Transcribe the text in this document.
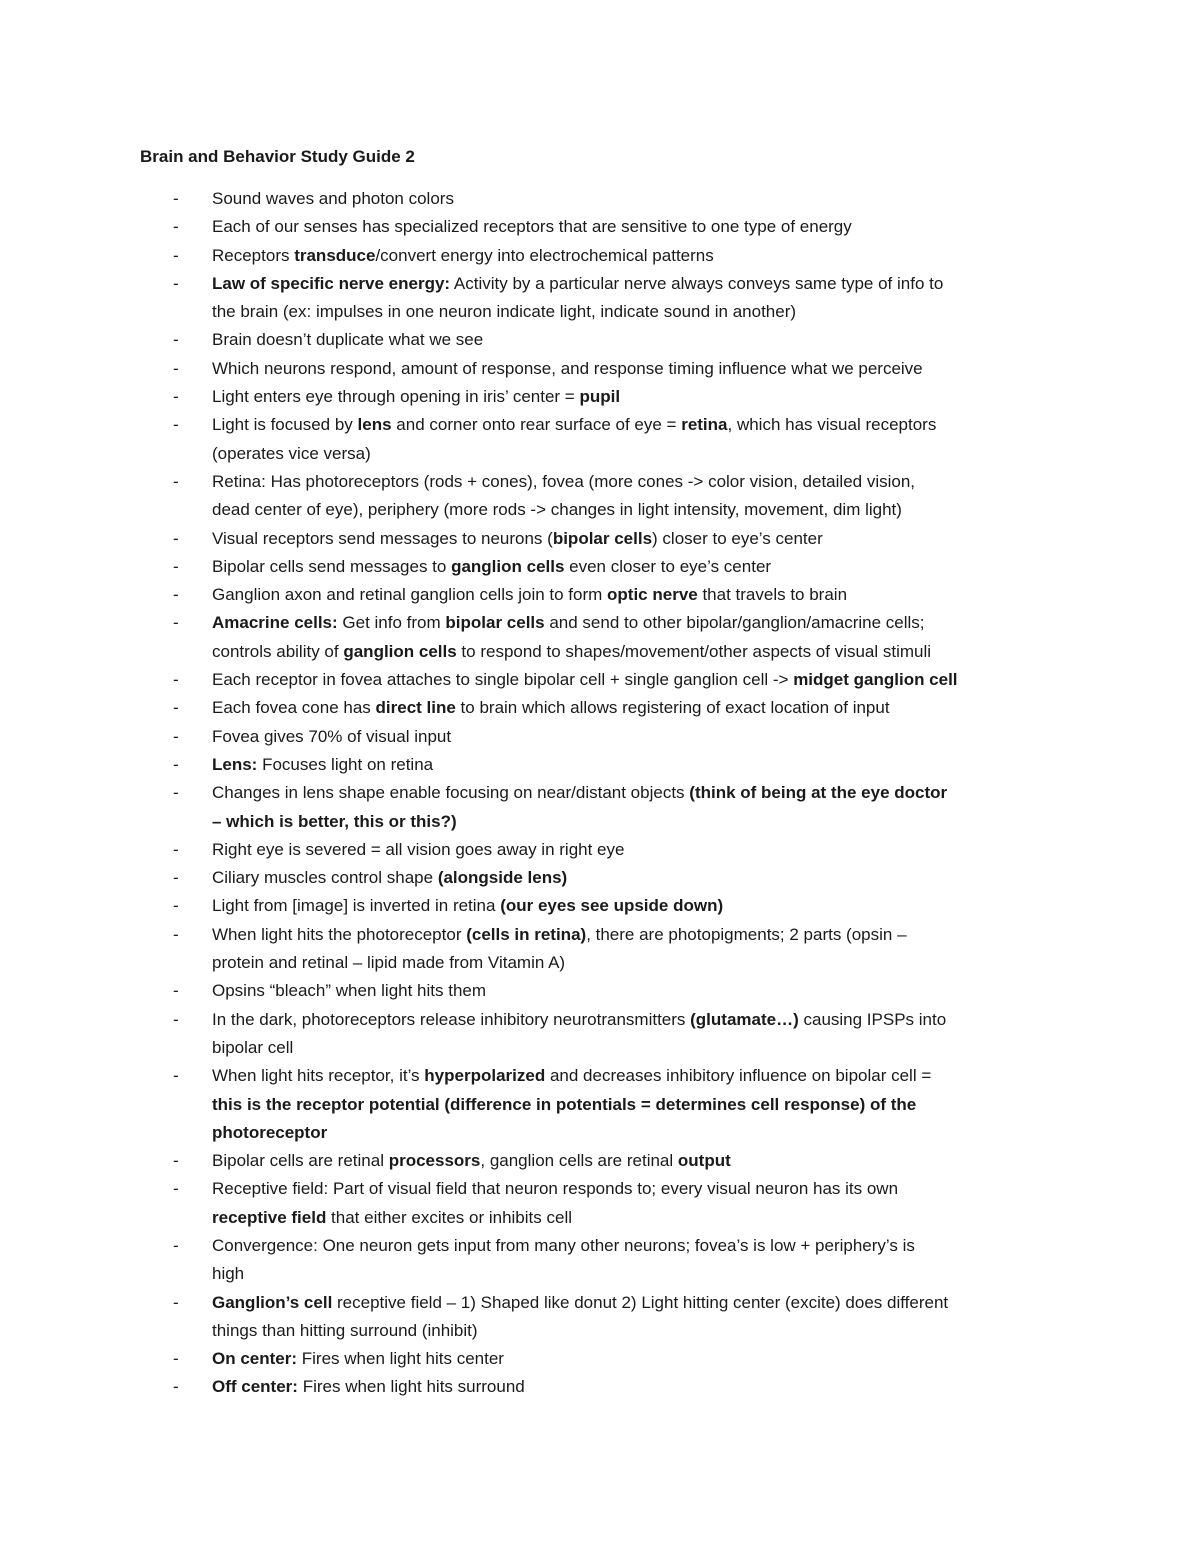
Brain and Behavior Study Guide 2
- Sound waves and photon colors
- Each of our senses has specialized receptors that are sensitive to one type of energy
- Receptors transduce/convert energy into electrochemical patterns
- Law of specific nerve energy: Activity by a particular nerve always conveys same type of info to
the brain (ex: impulses in one neuron indicate light, indicate sound in another)
- Brain doesn’t duplicate what we see
- Which neurons respond, amount of response, and response timing influence what we perceive
- Light enters eye through opening in iris’ center = pupil
- Light is focused by lens and corner onto rear surface of eye = retina, which has visual receptors
(operates vice versa)
- Retina: Has photoreceptors (rods + cones), fovea (more cones -> color vision, detailed vision,
dead center of eye), periphery (more rods -> changes in light intensity, movement, dim light)
- Visual receptors send messages to neurons (bipolar cells) closer to eye’s center
- Bipolar cells send messages to ganglion cells even closer to eye’s center
- Ganglion axon and retinal ganglion cells join to form optic nerve that travels to brain
- Amacrine cells: Get info from bipolar cells and send to other bipolar/ganglion/amacrine cells;
controls ability of ganglion cells to respond to shapes/movement/other aspects of visual stimuli
- Each receptor in fovea attaches to single bipolar cell + single ganglion cell -> midget ganglion cell
- Each fovea cone has direct line to brain which allows registering of exact location of input
- Fovea gives 70% of visual input
- Lens: Focuses light on retina
- Changes in lens shape enable focusing on near/distant objects (think of being at the eye doctor
– which is better, this or this?)
- Right eye is severed = all vision goes away in right eye
- Ciliary muscles control shape (alongside lens)
- Light from [image] is inverted in retina (our eyes see upside down)
- When light hits the photoreceptor (cells in retina), there are photopigments; 2 parts (opsin –
protein and retinal – lipid made from Vitamin A)
- Opsins “bleach” when light hits them
- In the dark, photoreceptors release inhibitory neurotransmitters (glutamate…) causing IPSPs into
bipolar cell
- When light hits receptor, it’s hyperpolarized and decreases inhibitory influence on bipolar cell =
this is the receptor potential (difference in potentials = determines cell response) of the
photoreceptor
- Bipolar cells are retinal processors, ganglion cells are retinal output
- Receptive field: Part of visual field that neuron responds to; every visual neuron has its own
receptive field that either excites or inhibits cell
- Convergence: One neuron gets input from many other neurons; fovea’s is low + periphery’s is
high
- Ganglion’s cell receptive field – 1) Shaped like donut 2) Light hitting center (excite) does different
things than hitting surround (inhibit)
- On center: Fires when light hits center
- Off center: Fires when light hits surround
